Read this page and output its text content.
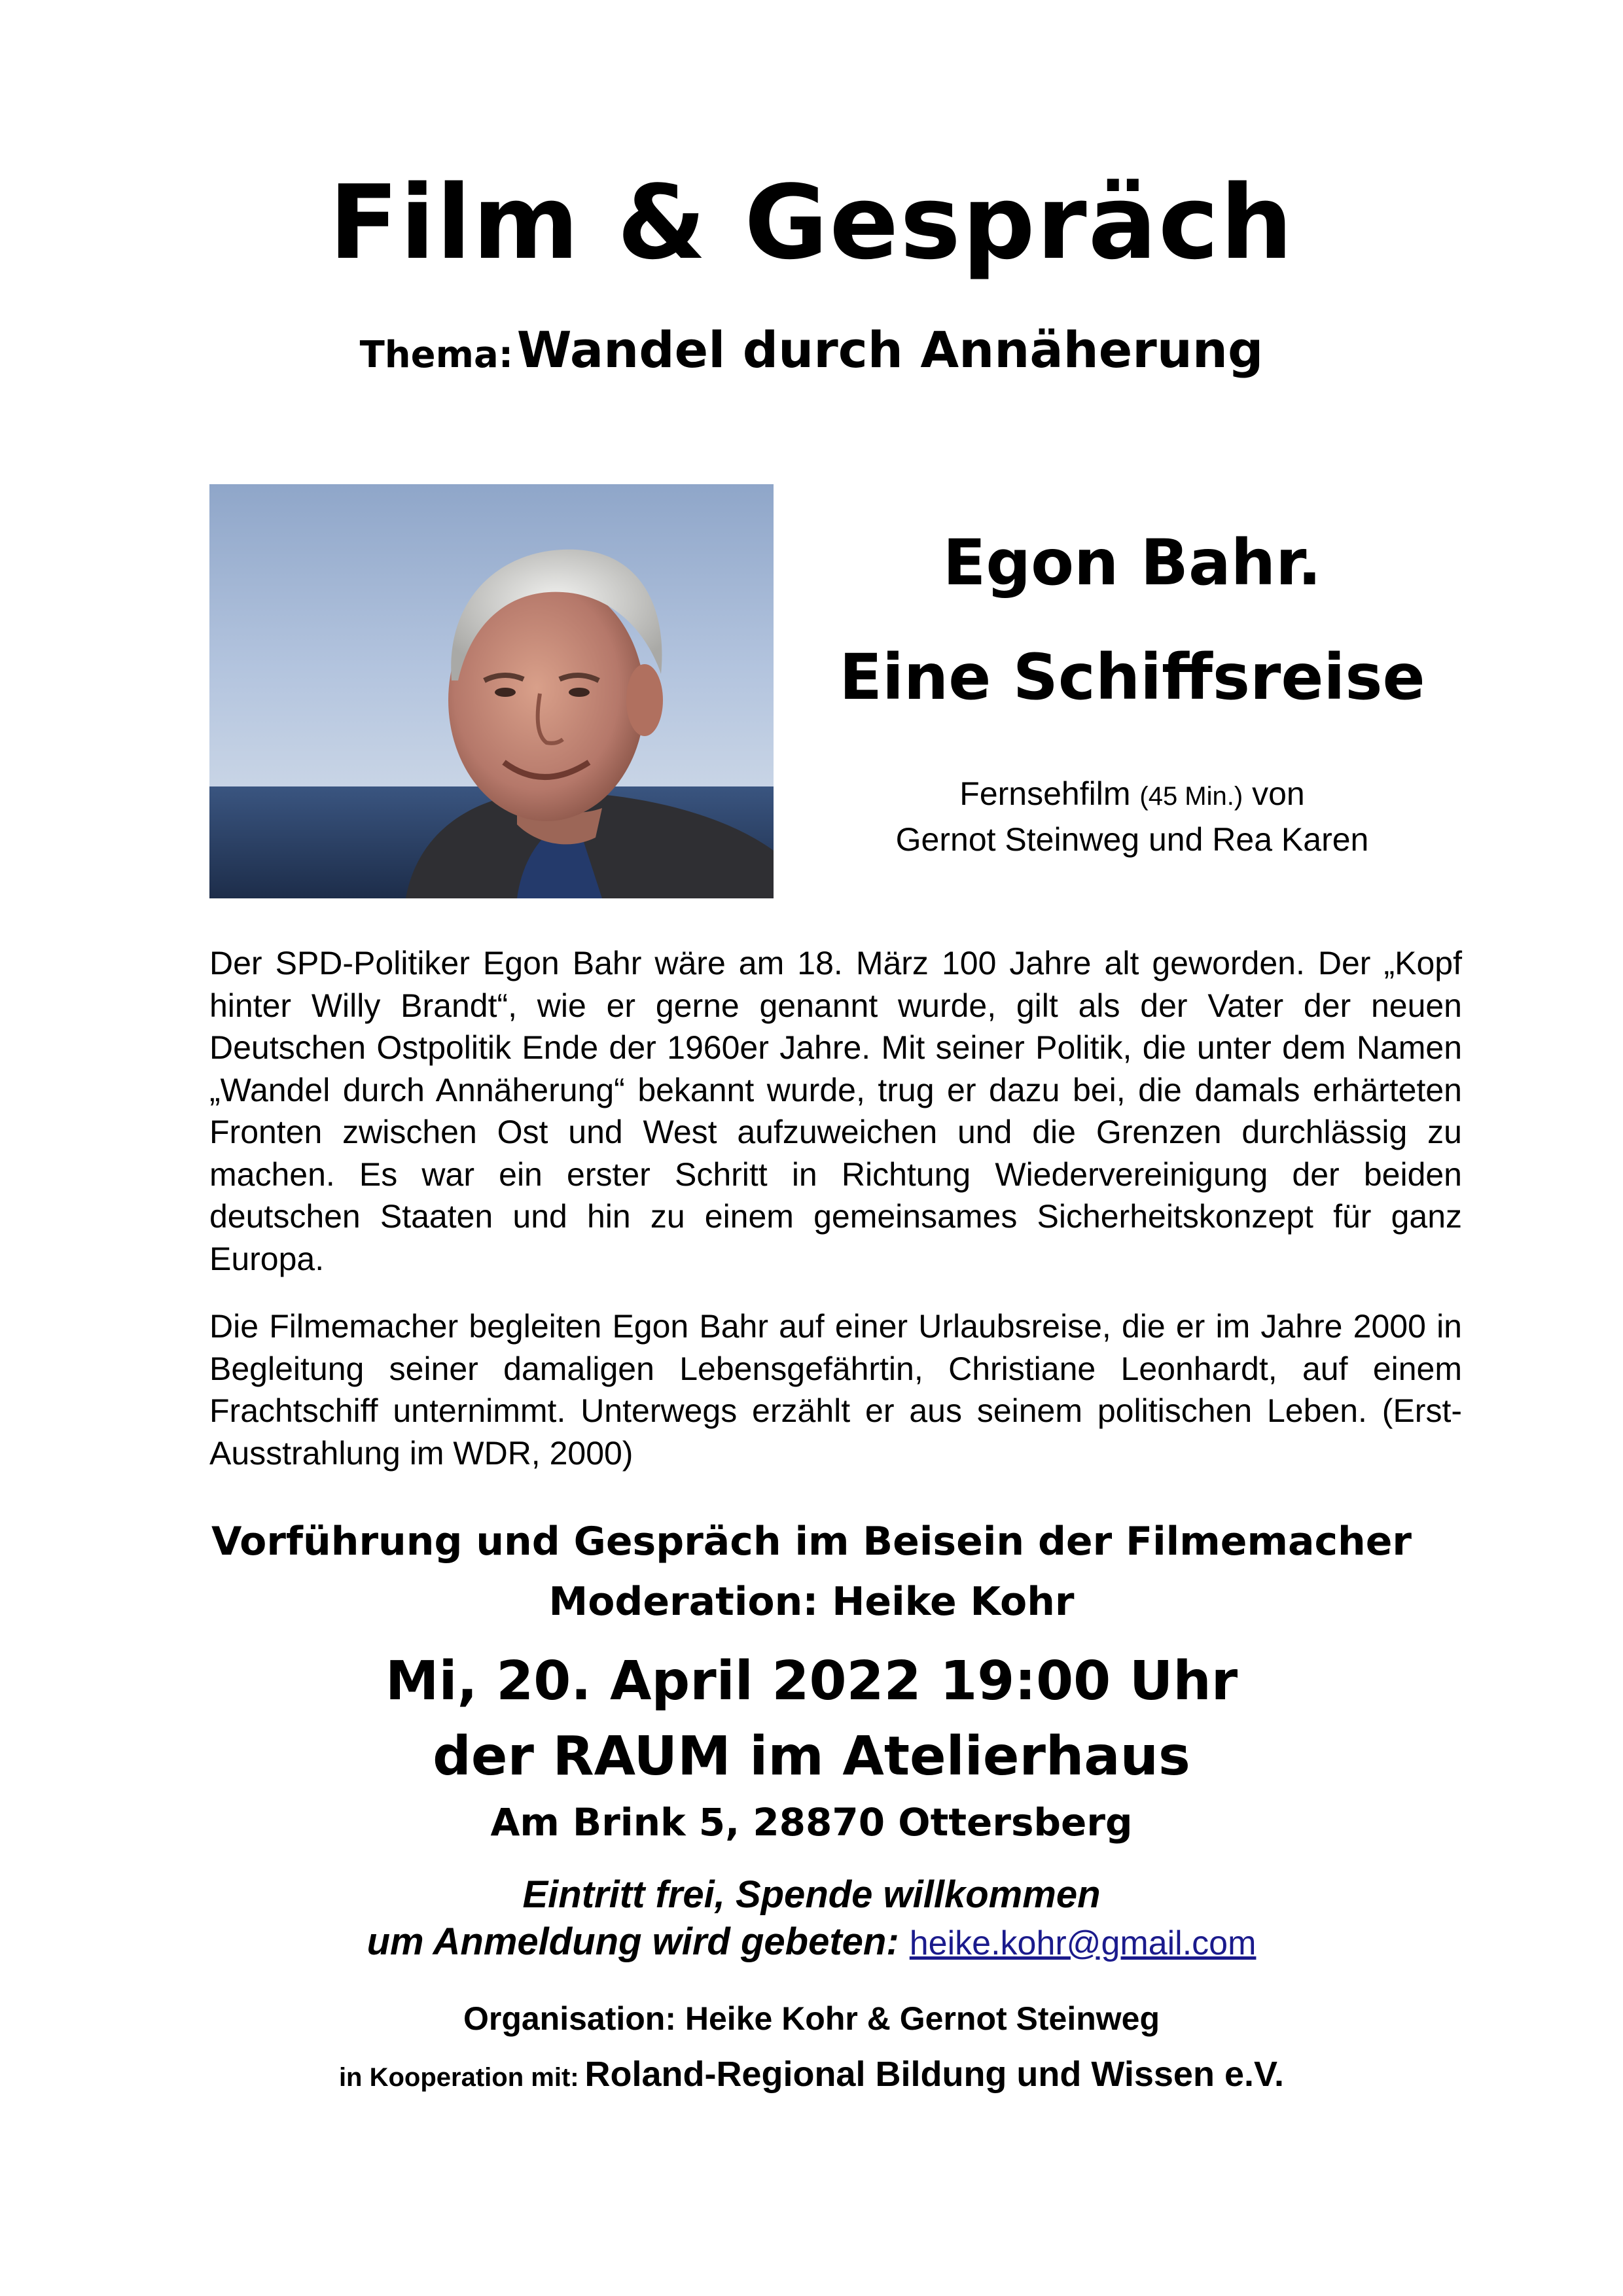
Film & Gespräch
Thema: Wandel durch Annäherung
Egon Bahr.
Eine Schiffsreise
Fernsehfilm (45 Min.) von
Gernot Steinweg und Rea Karen

Der SPD-Politiker Egon Bahr wäre am 18. März 100 Jahre alt geworden. Der „Kopf hinter Willy Brandt“, wie er gerne genannt wurde, gilt als der Vater der neuen Deutschen Ostpolitik Ende der 1960er Jahre. Mit seiner Politik, die unter dem Namen „Wandel durch Annäherung“ bekannt wurde, trug er dazu bei, die damals erhärteten Fronten zwischen Ost und West aufzuweichen und die Grenzen durchlässig zu machen. Es war ein erster Schritt in Richtung Wiedervereinigung der beiden deutschen Staaten und hin zu einem gemeinsames Sicherheitskonzept für ganz Europa.

Die Filmemacher begleiten Egon Bahr auf einer Urlaubsreise, die er im Jahre 2000 in Begleitung seiner damaligen Lebensgefährtin, Christiane Leonhardt, auf einem Frachtschiff unternimmt. Unterwegs erzählt er aus seinem politischen Leben. (Erst-Ausstrahlung im WDR, 2000)

Vorführung und Gespräch im Beisein der Filmemacher
Moderation: Heike Kohr
Mi, 20. April 2022 19:00 Uhr
der RAUM im Atelierhaus
Am Brink 5, 28870 Ottersberg
Eintritt frei, Spende willkommen
um Anmeldung wird gebeten: heike.kohr@gmail.com
Organisation: Heike Kohr & Gernot Steinweg
in Kooperation mit: Roland-Regional Bildung und Wissen e.V.
